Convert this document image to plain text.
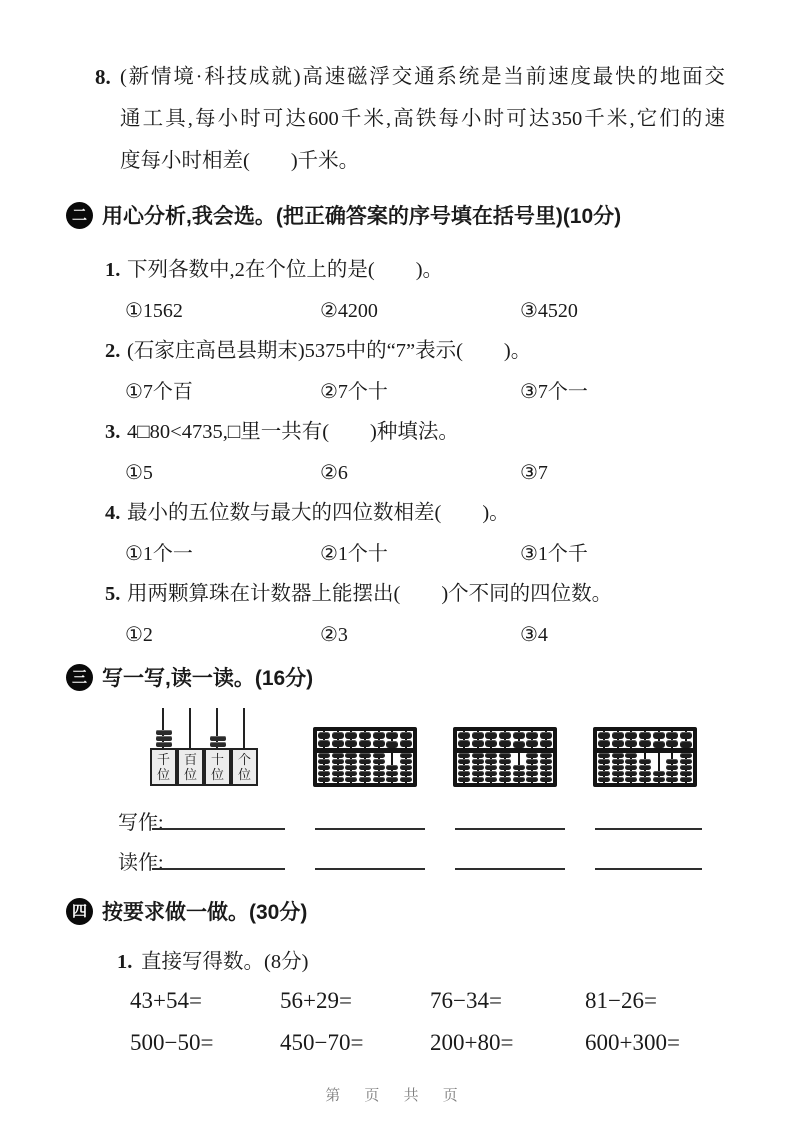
8. (新情境·科技成就)高速磁浮交通系统是当前速度最快的地面交
通工具,每小时可达600千米,高铁每小时可达350千米,它们的速
度每小时相差(　　)千米。
二 用心分析,我会选。(把正确答案的序号填在括号里)(10分)
1. 下列各数中,2在个位上的是(　　)。
①1562	②4200	③4520
2. (石家庄高邑县期末)5375中的“7”表示(　　)。
①7个百	②7个十	③7个一
3. 4□80<4735,□里一共有(　　)种填法。
①5	②6	③7
4. 最小的五位数与最大的四位数相差(　　)。
①1个一	②1个十	③1个千
5. 用两颗算珠在计数器上能摆出(　　)个不同的四位数。
①2	②3	③4
三 写一写,读一读。(16分)
千
位
百
位
十
位
个
位
写作:
读作:
四 按要求做一做。(30分)
1. 直接写得数。(8分)
43+54=	56+29=	76−34=	81−26=
500−50=	450−70=	200+80=	600+300=
第 页 共 页
